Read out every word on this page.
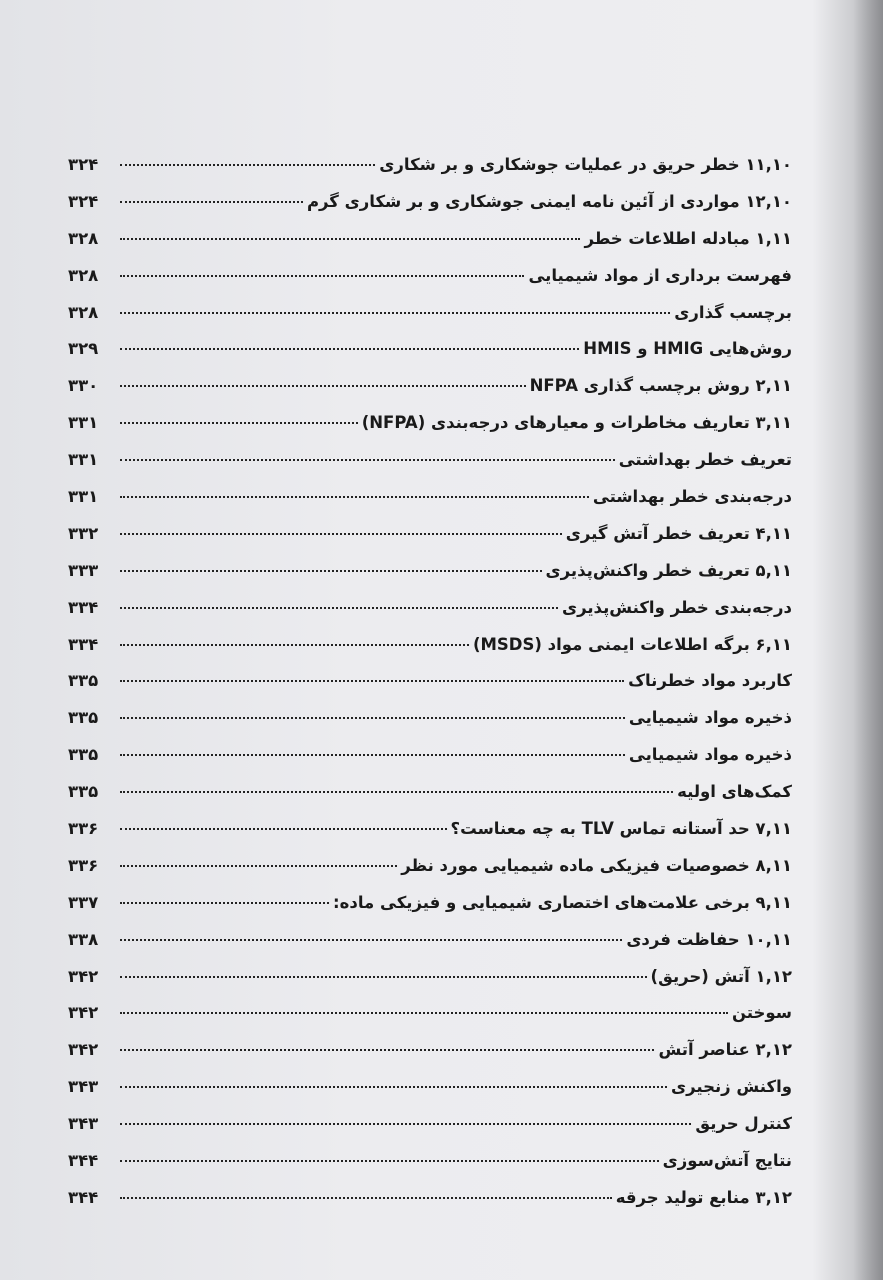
۱۱,۱۰ خطر حریق در عملیات جوشکاری و بر شکاری
۳۲۴
۱۲,۱۰ مواردی از آئین نامه ایمنی جوشکاری و بر شکاری گرم
۳۲۴
۱,۱۱ مبادله اطلاعات خطر
۳۲۸
فهرست برداری از مواد شیمیایی
۳۲۸
برچسب گذاری
۳۲۸
روش‌هایی HMIG و HMIS
۳۲۹
۲,۱۱ روش برچسب گذاری NFPA
۳۳۰
۳,۱۱ تعاریف مخاطرات و معیارهای درجه‌بندی (NFPA)
۳۳۱
تعریف خطر بهداشتی
۳۳۱
درجه‌بندی خطر بهداشتی
۳۳۱
۴,۱۱ تعریف خطر آتش گیری
۳۳۲
۵,۱۱ تعریف خطر واکنش‌پذیری
۳۳۳
درجه‌بندی خطر واکنش‌پذیری
۳۳۴
۶,۱۱ برگه اطلاعات ایمنی مواد (MSDS)
۳۳۴
کاربرد مواد خطرناک
۳۳۵
ذخیره مواد شیمیایی
۳۳۵
ذخیره مواد شیمیایی
۳۳۵
کمک‌های اولیه
۳۳۵
۷,۱۱ حد آستانه تماس TLV به چه معناست؟
۳۳۶
۸,۱۱ خصوصیات فیزیکی ماده شیمیایی مورد نظر
۳۳۶
۹,۱۱ برخی علامت‌های اختصاری شیمیایی و فیزیکی ماده:
۳۳۷
۱۰,۱۱ حفاظت فردی
۳۳۸
۱,۱۲ آتش (حریق)
۳۴۲
سوختن
۳۴۲
۲,۱۲ عناصر آتش
۳۴۲
واکنش زنجیری
۳۴۳
کنترل حریق
۳۴۳
نتایج آتش‌سوزی
۳۴۴
۳,۱۲ منابع تولید جرقه
۳۴۴
